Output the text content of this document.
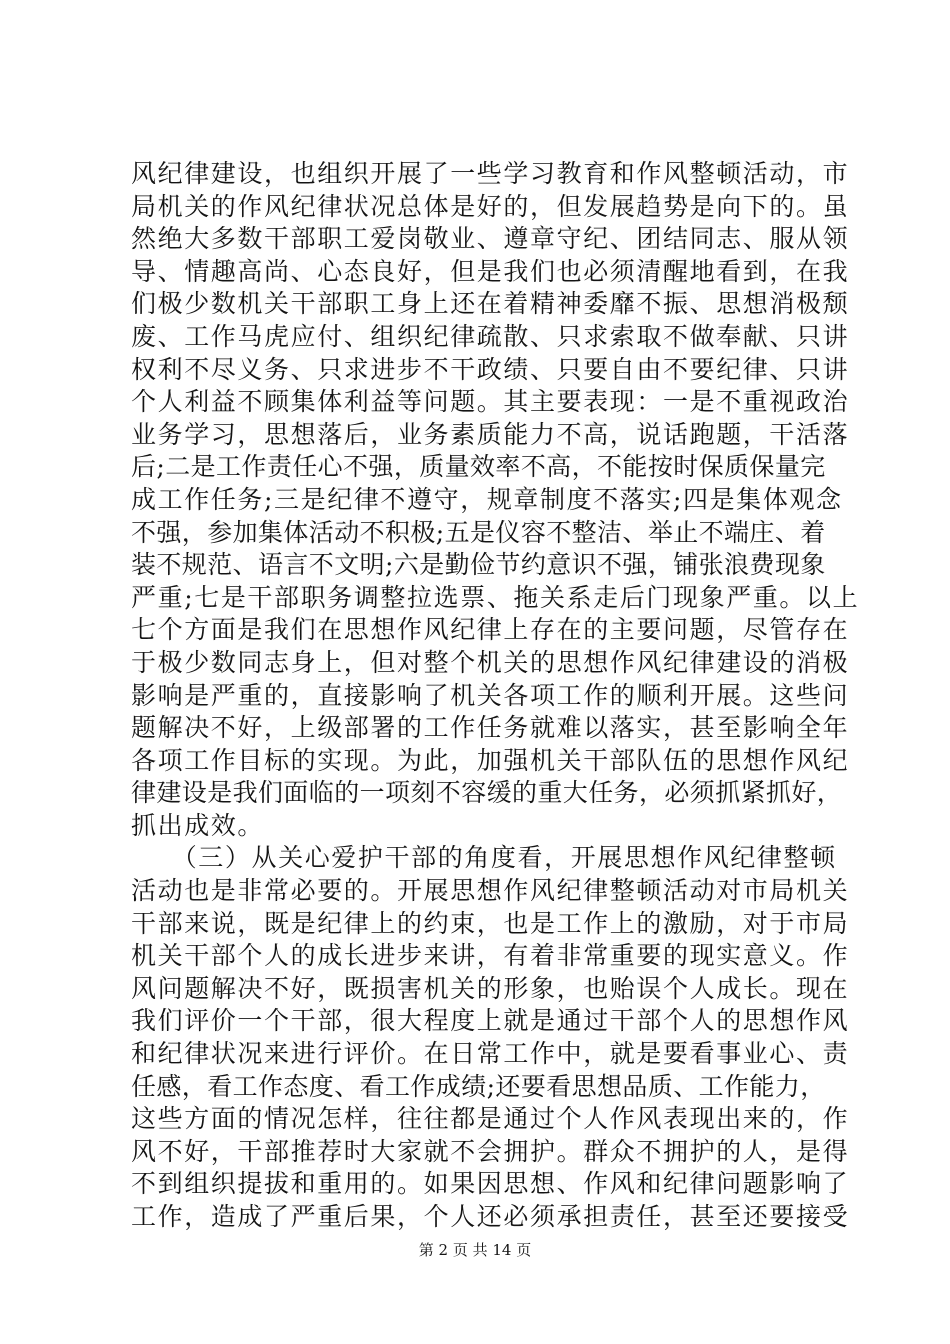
风纪律建设，也组织开展了一些学习教育和作风整顿活动，市
局机关的作风纪律状况总体是好的，但发展趋势是向下的。虽
然绝大多数干部职工爱岗敬业、遵章守纪、团结同志、服从领
导、情趣高尚、心态良好，但是我们也必须清醒地看到，在我
们极少数机关干部职工身上还在着精神委靡不振、思想消极颓
废、工作马虎应付、组织纪律疏散、只求索取不做奉献、只讲
权利不尽义务、只求进步不干政绩、只要自由不要纪律、只讲
个人利益不顾集体利益等问题。其主要表现：一是不重视政治
业务学习，思想落后，业务素质能力不高，说话跑题，干活落
后;二是工作责任心不强，质量效率不高，不能按时保质保量完
成工作任务;三是纪律不遵守，规章制度不落实;四是集体观念
不强，参加集体活动不积极;五是仪容不整洁、举止不端庄、着
装不规范、语言不文明;六是勤俭节约意识不强，铺张浪费现象
严重;七是干部职务调整拉选票、拖关系走后门现象严重。以上
七个方面是我们在思想作风纪律上存在的主要问题，尽管存在
于极少数同志身上，但对整个机关的思想作风纪律建设的消极
影响是严重的，直接影响了机关各项工作的顺利开展。这些问
题解决不好，上级部署的工作任务就难以落实，甚至影响全年
各项工作目标的实现。为此，加强机关干部队伍的思想作风纪
律建设是我们面临的一项刻不容缓的重大任务，必须抓紧抓好，
抓出成效。
　　（三）从关心爱护干部的角度看，开展思想作风纪律整顿
活动也是非常必要的。开展思想作风纪律整顿活动对市局机关
干部来说，既是纪律上的约束，也是工作上的激励，对于市局
机关干部个人的成长进步来讲，有着非常重要的现实意义。作
风问题解决不好，既损害机关的形象，也贻误个人成长。现在
我们评价一个干部，很大程度上就是通过干部个人的思想作风
和纪律状况来进行评价。在日常工作中，就是要看事业心、责
任感，看工作态度、看工作成绩;还要看思想品质、工作能力，
这些方面的情况怎样，往往都是通过个人作风表现出来的，作
风不好，干部推荐时大家就不会拥护。群众不拥护的人，是得
不到组织提拔和重用的。如果因思想、作风和纪律问题影响了
工作，造成了严重后果，个人还必须承担责任，甚至还要接受
第 2 页 共 14 页
